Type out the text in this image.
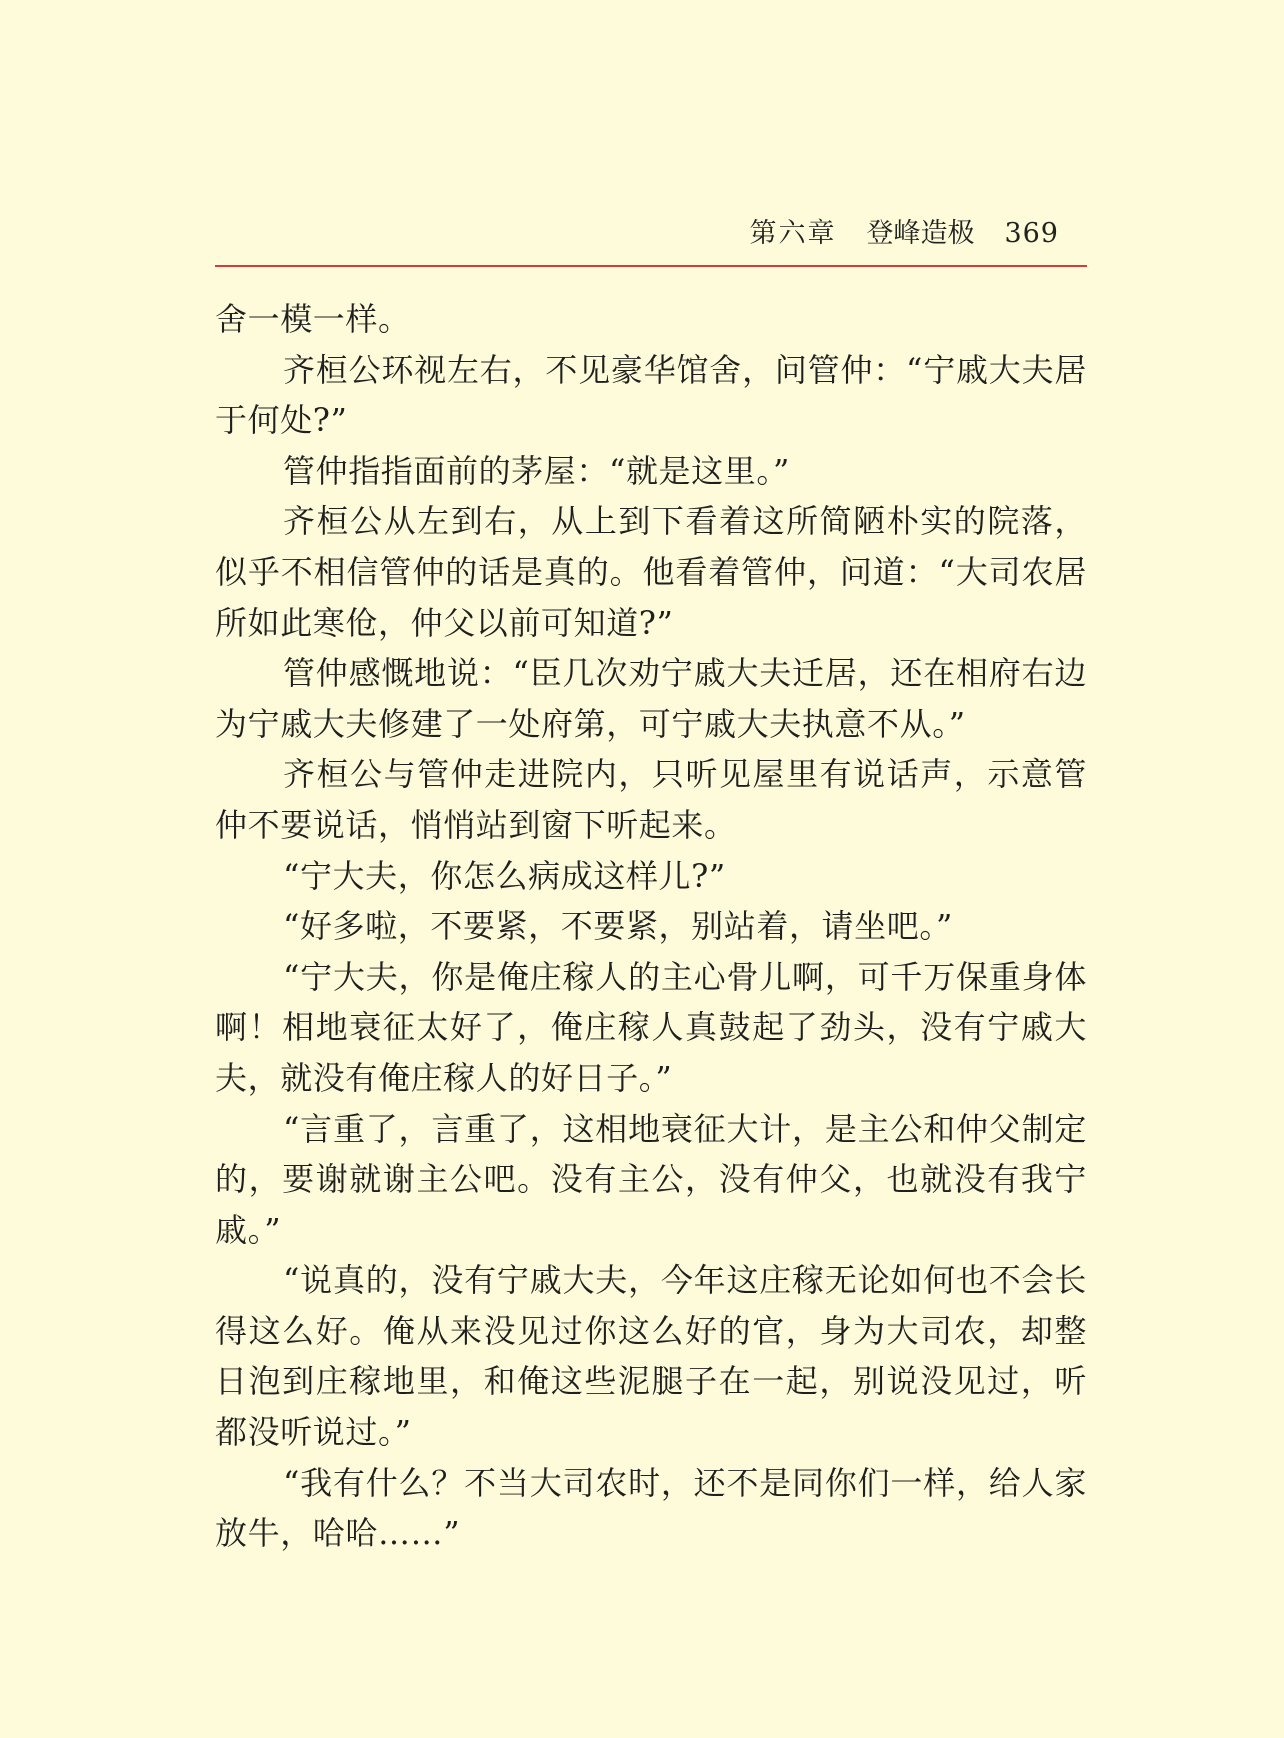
第六章 登峰造极 369

舍一模一样。

齐桓公环视左右，不见豪华馆舍，问管仲：“宁戚大夫居于何处?”

管仲指指面前的茅屋：“就是这里。”

齐桓公从左到右，从上到下看着这所简陋朴实的院落，似乎不相信管仲的话是真的。他看着管仲，问道：“大司农居所如此寒伧，仲父以前可知道?”

管仲感慨地说：“臣几次劝宁戚大夫迁居，还在相府右边为宁戚大夫修建了一处府第，可宁戚大夫执意不从。”

齐桓公与管仲走进院内，只听见屋里有说话声，示意管仲不要说话，悄悄站到窗下听起来。

“宁大夫，你怎么病成这样儿?”

“好多啦，不要紧，不要紧，别站着，请坐吧。”

“宁大夫，你是俺庄稼人的主心骨儿啊，可千万保重身体啊！相地衰征太好了，俺庄稼人真鼓起了劲头，没有宁戚大夫，就没有俺庄稼人的好日子。”

“言重了，言重了，这相地衰征大计，是主公和仲父制定的，要谢就谢主公吧。没有主公，没有仲父，也就没有我宁戚。”

“说真的，没有宁戚大夫，今年这庄稼无论如何也不会长得这么好。俺从来没见过你这么好的官，身为大司农，却整日泡到庄稼地里，和俺这些泥腿子在一起，别说没见过，听都没听说过。”

“我有什么？不当大司农时，还不是同你们一样，给人家放牛，哈哈……”
